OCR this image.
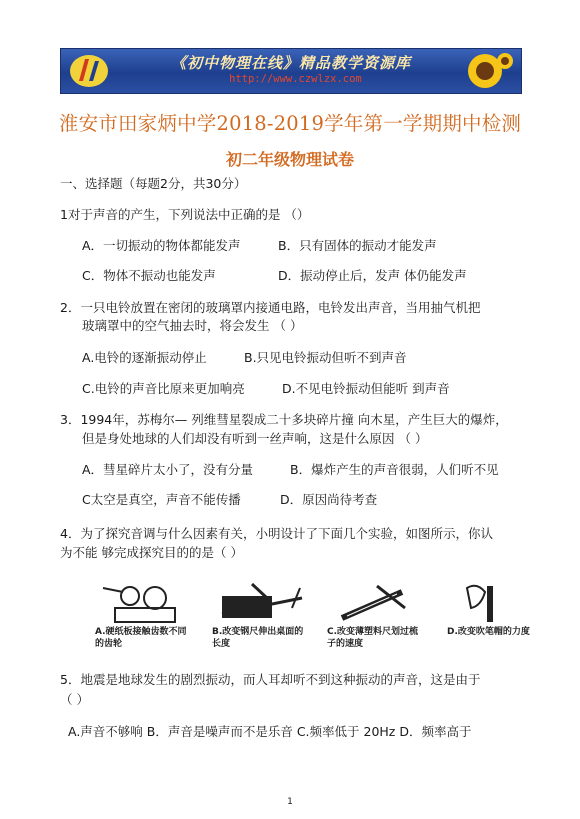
《初中物理在线》精品教学资源库
http://www.czwlzx.com
淮安市田家炳中学2018-2019学年第一学期期中检测
初二年级物理试卷
一、选择题（每题2分，共30分）
1对于声音的产生，下列说法中正确的是 （）
A．一切振动的物体都能发声	B．只有固体的振动才能发声
C．物体不振动也能发声	D．振动停止后，发声 体仍能发声
2．一只电铃放置在密闭的玻璃罩内接通电路，电铃发出声音，当用抽气机把
玻璃罩中的空气抽去时，将会发生 （ ）
A.电铃的逐渐振动停止	B.只见电铃振动但听不到声音
C.电铃的声音比原来更加响亮	D.不见电铃振动但能听 到声音
3．1994年，苏梅尔— 列维彗星裂成二十多块碎片撞 向木星，产生巨大的爆炸，
但是身处地球的人们却没有听到一丝声响，这是什么原因 （ ）
A．彗星碎片太小了，没有分量	B．爆炸产生的声音很弱，人们听不见
C太空是真空，声音不能传播	D．原因尚待考查
4．为了探究音调与什么因素有关，小明设计了下面几个实验，如图所示，你认
为不能 够完成探究目的的是（ ）
A.硬纸板接触齿数不同的齿轮
B.改变钢尺伸出桌面的长度
C.改变薄塑料尺划过梳子的速度
D.改变吹笔帽的力度
5．地震是地球发生的剧烈振动，而人耳却听不到这种振动的声音，这是由于
（ ）
A.声音不够响 B．声音是噪声而不是乐音 C.频率低于 20Hz D．频率高于
1
